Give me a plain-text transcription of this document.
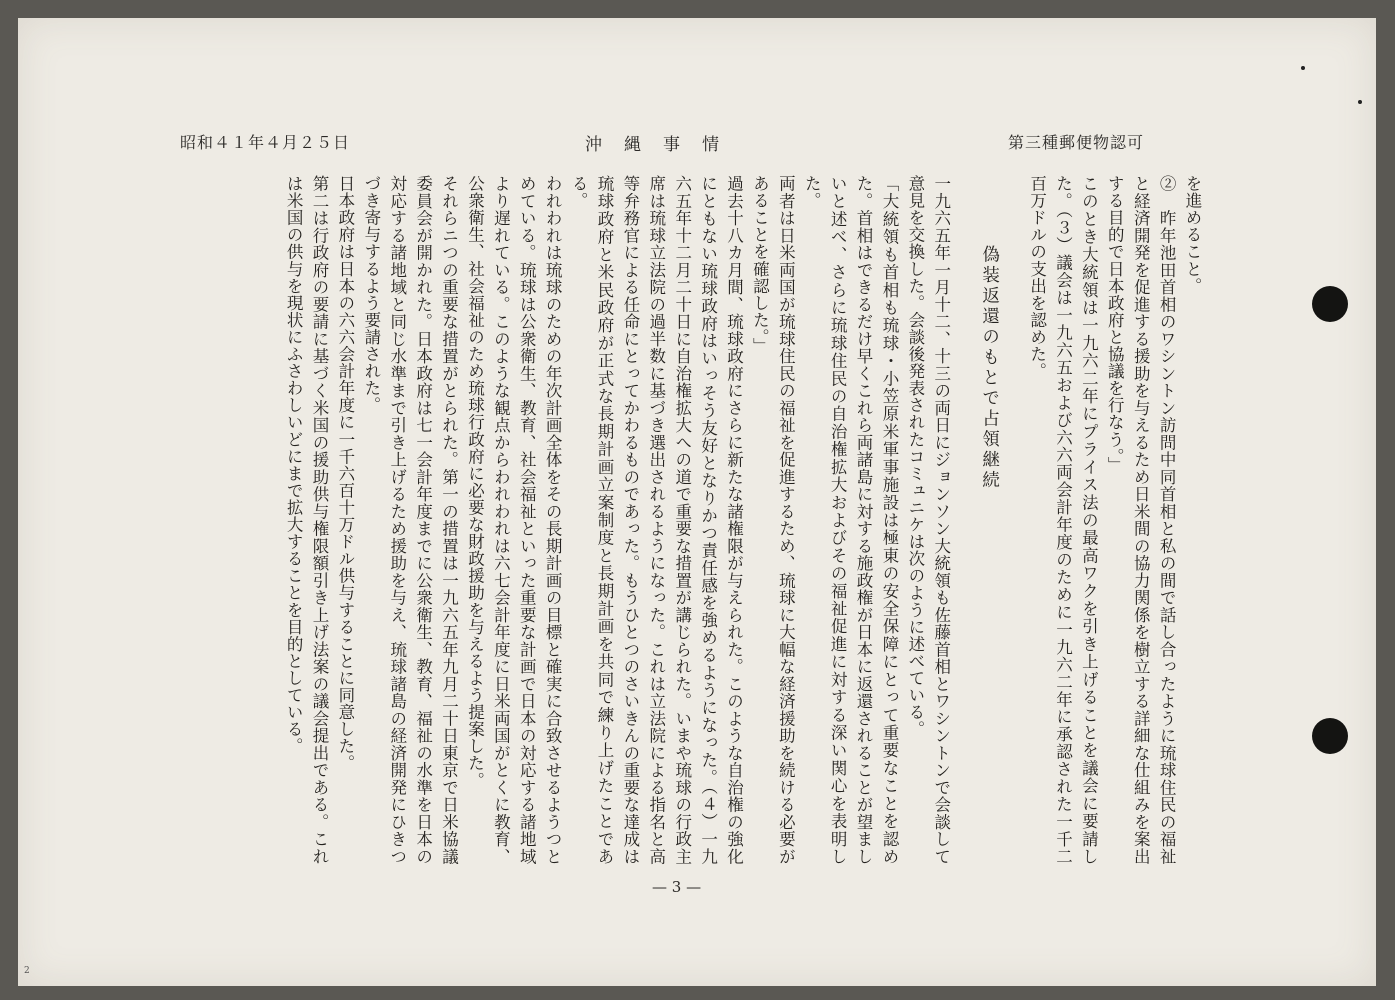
昭和４１年４月２５日	沖縄事情	第三種郵便物認可

を進めること。

②　昨年池田首相のワシントン訪問中同首相と私の間で話し合ったように琉球住民の福祉と経済開発を促進する援助を与えるため日米間の協力関係を樹立する詳細な仕組みを案出する目的で日本政府と協議を行なう。」

このとき大統領は一九六二年にプライス法の最高ワクを引き上げることを議会に要請した。（３）議会は一九六五および六六両会計年度のために一九六二年に承認された一千二百万ドルの支出を認めた。

偽装返還のもとで占領継続

一九六五年一月十二、十三の両日にジョンソン大統領も佐藤首相とワシントンで会談して意見を交換した。会談後発表されたコミュニケは次のように述べている。

「大統領も首相も琉球・小笠原米軍事施設は極東の安全保障にとって重要なことを認めた。首相はできるだけ早くこれら両諸島に対する施政権が日本に返還されることが望ましいと述べ、さらに琉球住民の自治権拡大およびその福祉促進に対する深い関心を表明した。

両者は日米両国が琉球住民の福祉を促進するため、琉球に大幅な経済援助を続ける必要があることを確認した。」

過去十八カ月間、琉球政府にさらに新たな諸権限が与えられた。このような自治権の強化にともない琉球政府はいっそう友好となりかつ責任感を強めるようになった。（４）一九六五年十二月二十日に自治権拡大への道で重要な措置が講じられた。いまや琉球の行政主席は琉球立法院の過半数に基づき選出されるようになった。これは立法院による指名と高等弁務官による任命にとってかわるものであった。もうひとつのさいきんの重要な達成は琉球政府と米民政府が正式な長期計画立案制度と長期計画を共同で練り上げたことである。

われわれは琉球のための年次計画全体をその長期計画の目標と確実に合致させるようつとめている。琉球は公衆衛生、教育、社会福祉といった重要な計画で日本の対応する諸地域より遅れている。このような観点からわれわれは六七会計年度に日米両国がとくに教育、公衆衛生、社会福祉のため琉球行政府に必要な財政援助を与えるよう提案した。

それらニつの重要な措置がとられた。第一の措置は一九六五年九月二十日東京で日米協議委員会が開かれた。日本政府は七一会計年度までに公衆衛生、教育、福祉の水準を日本の対応する諸地域と同じ水準まで引き上げるため援助を与え、琉球諸島の経済開発にひきつづき寄与するよう要請された。

日本政府は日本の六六会計年度に一千六百十万ドル供与することに同意した。

第二は行政府の要請に基づく米国の援助供与権限額引き上げ法案の議会提出である。これは米国の供与を現状にふさわしいどにまで拡大することを目的としている。

— 3 —
2
